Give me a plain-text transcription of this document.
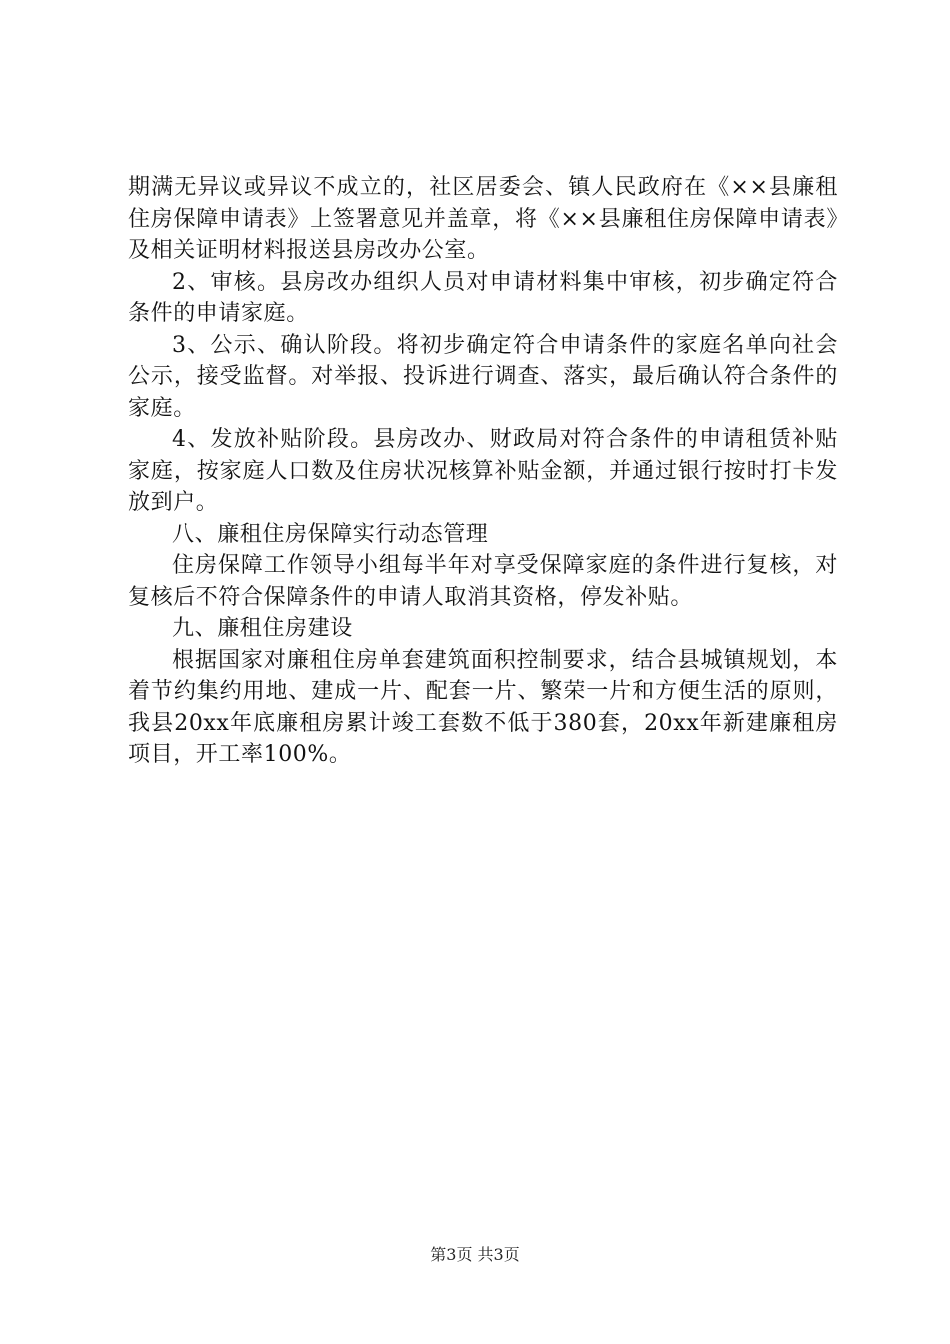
期满无异议或异议不成立的，社区居委会、镇人民政府在《××县廉租住房保障申请表》上签署意见并盖章，将《××县廉租住房保障申请表》及相关证明材料报送县房改办公室。

2、审核。县房改办组织人员对申请材料集中审核，初步确定符合条件的申请家庭。

3、公示、确认阶段。将初步确定符合申请条件的家庭名单向社会公示，接受监督。对举报、投诉进行调查、落实，最后确认符合条件的家庭。

4、发放补贴阶段。县房改办、财政局对符合条件的申请租赁补贴家庭，按家庭人口数及住房状况核算补贴金额，并通过银行按时打卡发放到户。

八、廉租住房保障实行动态管理

住房保障工作领导小组每半年对享受保障家庭的条件进行复核，对复核后不符合保障条件的申请人取消其资格，停发补贴。

九、廉租住房建设

根据国家对廉租住房单套建筑面积控制要求，结合县城镇规划，本着节约集约用地、建成一片、配套一片、繁荣一片和方便生活的原则，我县20xx年底廉租房累计竣工套数不低于380套，20xx年新建廉租房项目，开工率100%。

第3页 共3页
